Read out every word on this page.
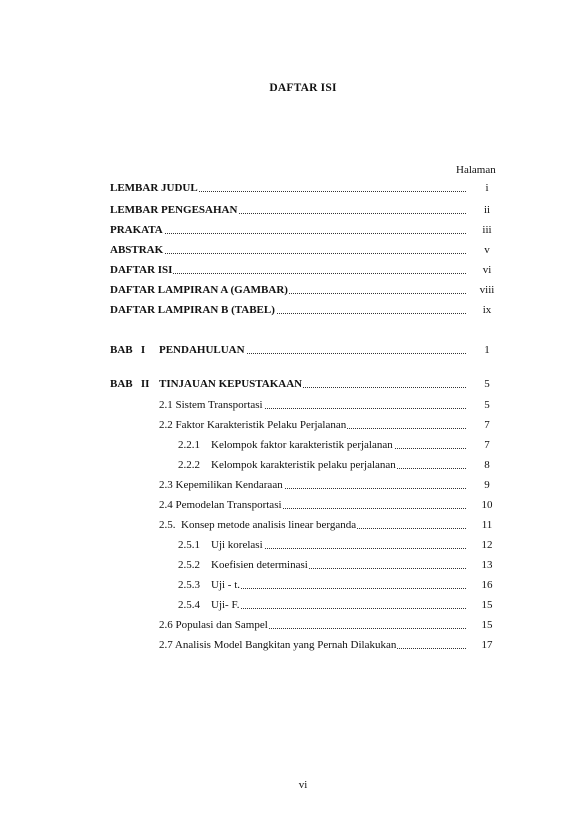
DAFTAR ISI
Halaman
LEMBAR JUDUL	i
LEMBAR PENGESAHAN	ii
PRAKATA	iii
ABSTRAK	v
DAFTAR ISI	vi
DAFTAR LAMPIRAN A (GAMBAR)	viii
DAFTAR LAMPIRAN B (TABEL)	ix
BAB   I PENDAHULUAN	1
BAB   II TINJAUAN KEPUSTAKAAN	5
2.1 Sistem Transportasi	5
2.2 Faktor Karakteristik Pelaku Perjalanan	7
2.2.1    Kelompok faktor karakteristik perjalanan	7
2.2.2    Kelompok karakteristik pelaku perjalanan	8
2.3 Kepemilikan Kendaraan	9
2.4 Pemodelan Transportasi	10
2.5.  Konsep metode analisis linear berganda	11
2.5.1    Uji korelasi	12
2.5.2    Koefisien determinasi	13
2.5.3    Uji - t.	16
2.5.4    Uji- F.	15
2.6 Populasi dan Sampel	15
2.7 Analisis Model Bangkitan yang Pernah Dilakukan	17
vi
